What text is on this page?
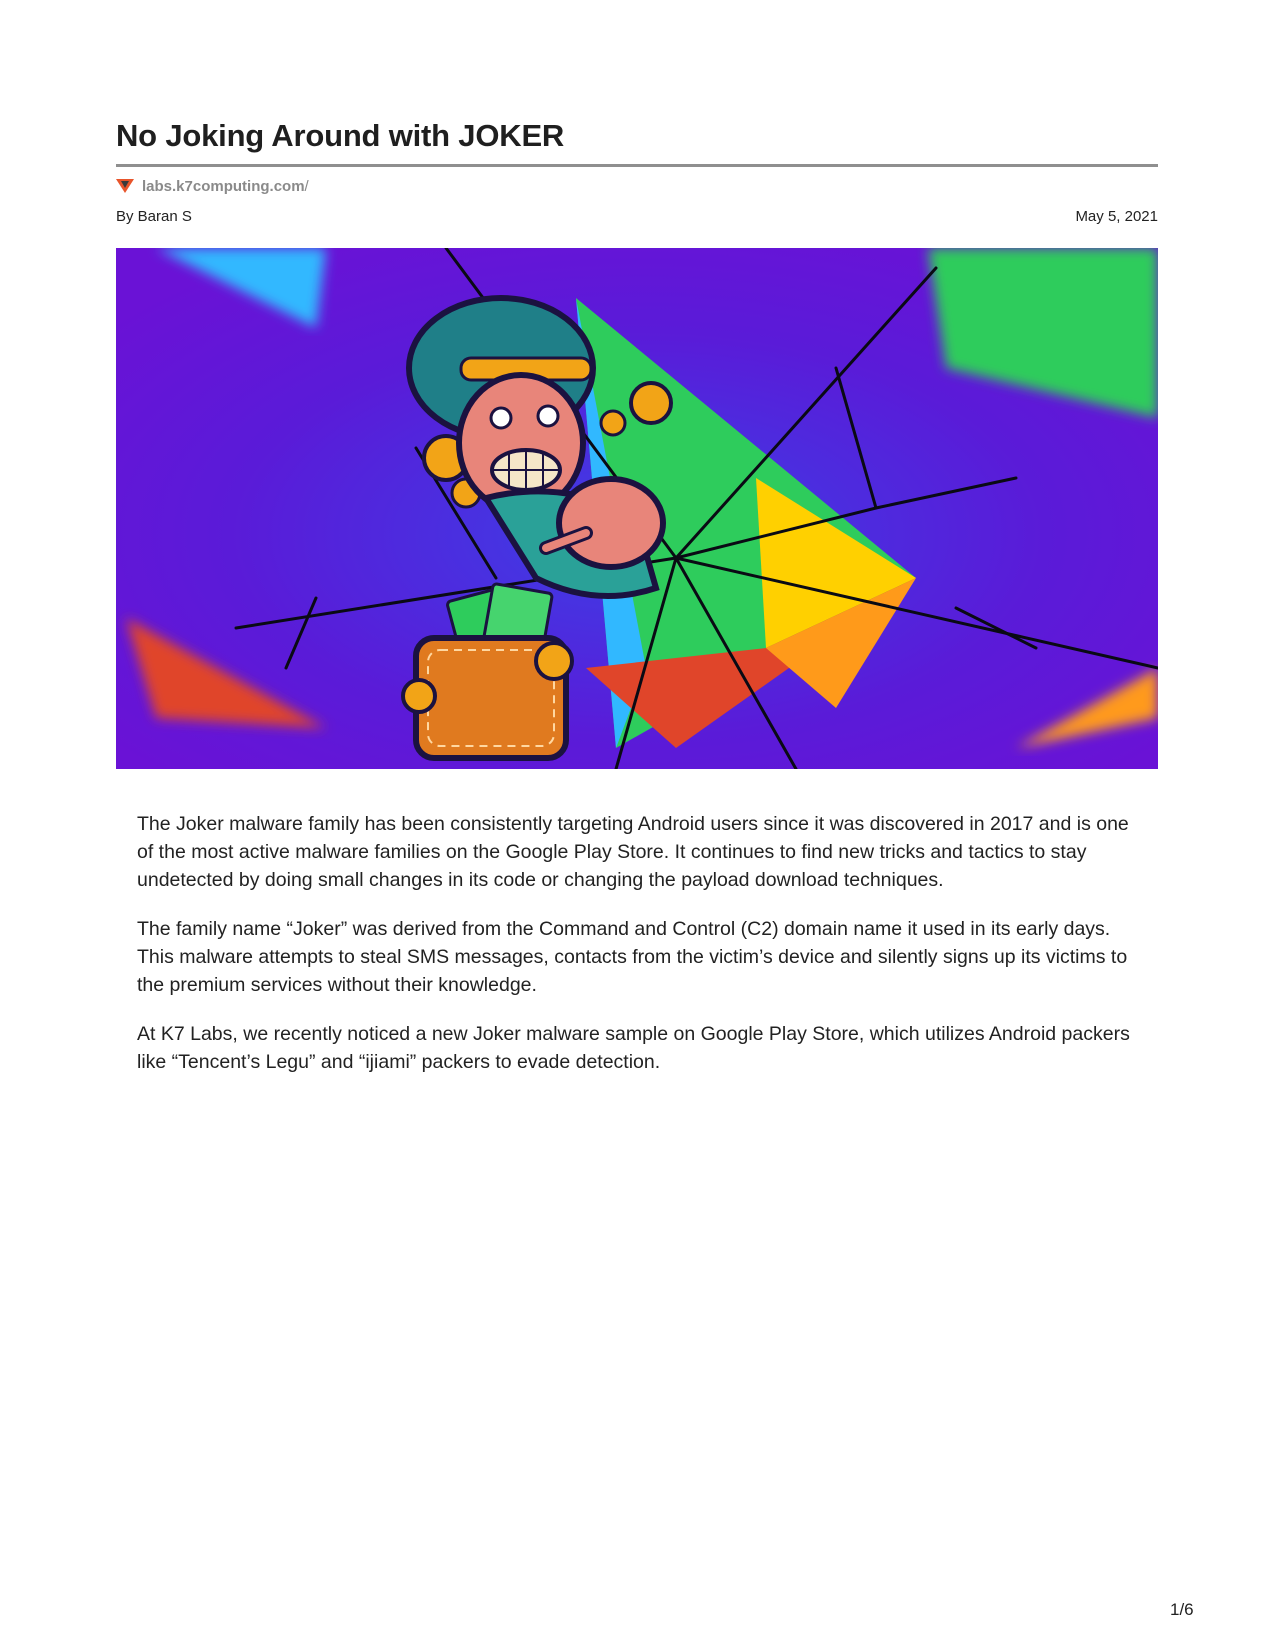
No Joking Around with JOKER
labs.k7computing.com/
By Baran S	May 5, 2021

The Joker malware family has been consistently targeting Android users since it was discovered in 2017 and is one of the most active malware families on the Google Play Store. It continues to find new tricks and tactics to stay undetected by doing small changes in its code or changing the payload download techniques.

The family name “Joker” was derived from the Command and Control (C2) domain name it used in its early days. This malware attempts to steal SMS messages, contacts from the victim’s device and silently signs up its victims to the premium services without their knowledge.

At K7 Labs, we recently noticed a new Joker malware sample on Google Play Store, which utilizes Android packers like “Tencent’s Legu” and “ijiami” packers to evade detection.

1/6
